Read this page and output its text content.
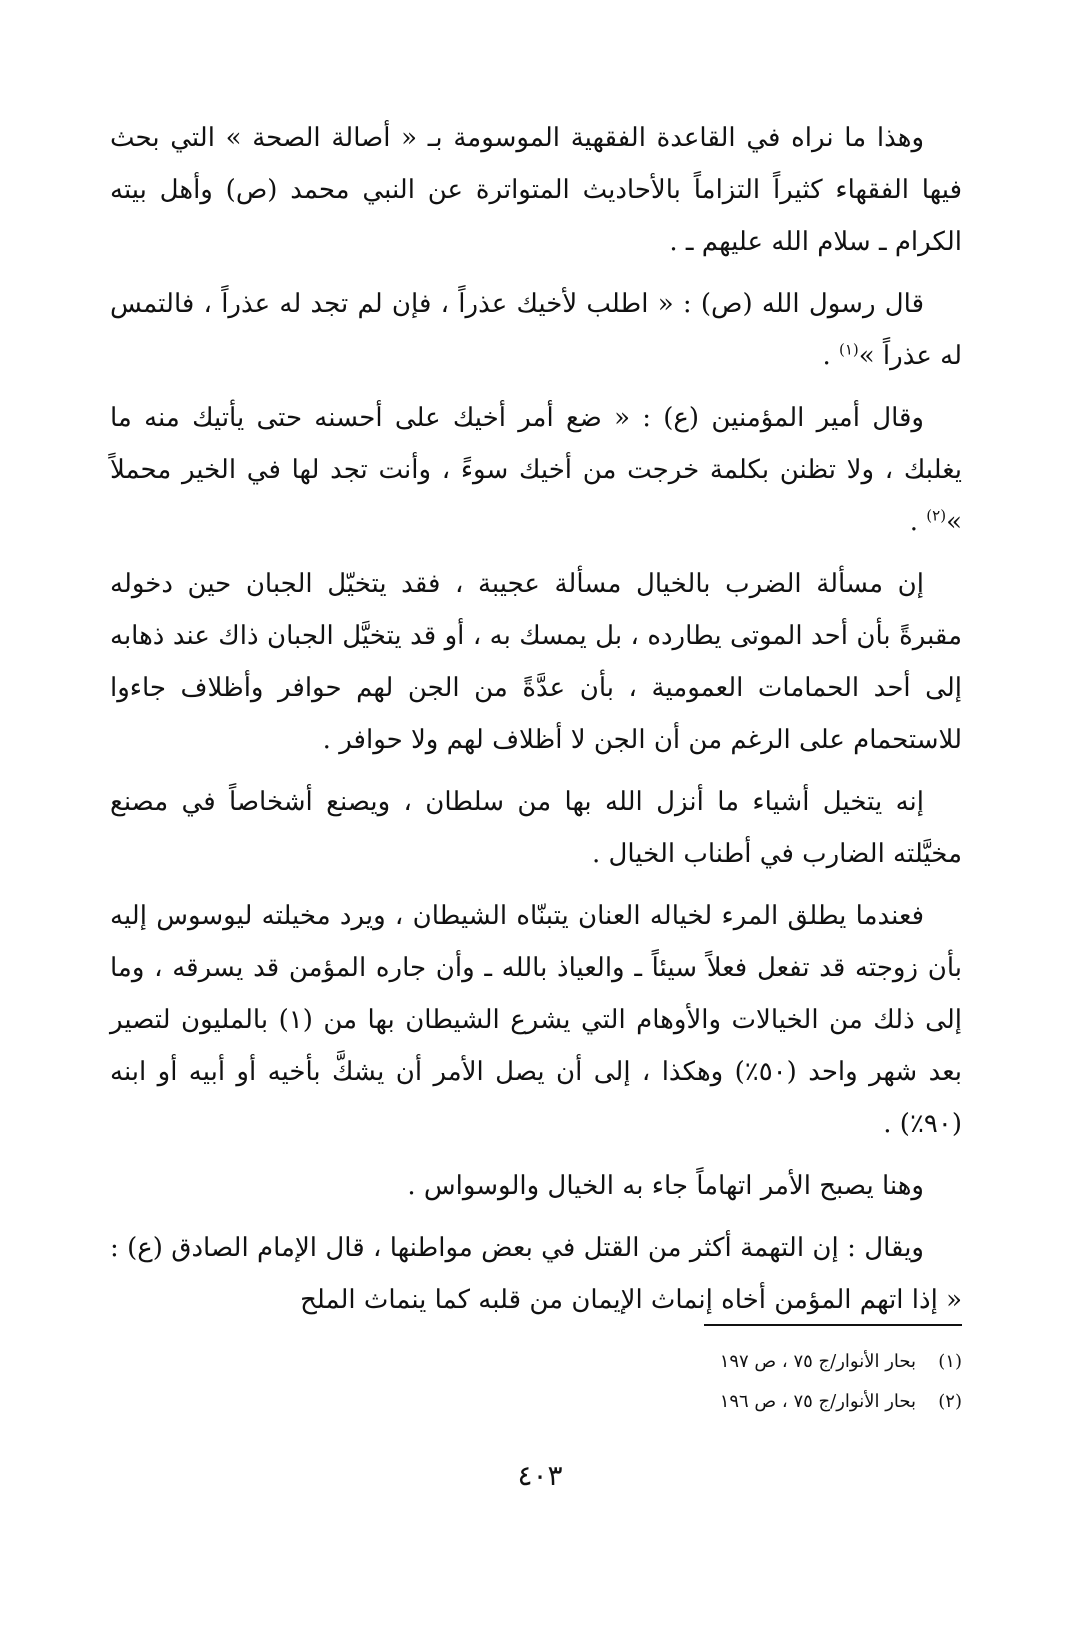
وهذا ما نراه في القاعدة الفقهية الموسومة بـ « أصالة الصحة » التي بحث فيها الفقهاء كثيراً التزاماً بالأحاديث المتواترة عن النبي محمد (ص) وأهل بيته الكرام ـ سلام الله عليهم ـ .

قال رسول الله (ص) : « اطلب لأخيك عذراً ، فإن لم تجد له عذراً ، فالتمس له عذراً »$^{(١)}$ .

وقال أمير المؤمنين (ع) : « ضع أمر أخيك على أحسنه حتى يأتيك منه ما يغلبك ، ولا تظنن بكلمة خرجت من أخيك سوءً ، وأنت تجد لها في الخير محملاً »$^{(٢)}$ .

إن مسألة الضرب بالخيال مسألة عجيبة ، فقد يتخيّل الجبان حين دخوله مقبرةً بأن أحد الموتى يطارده ، بل يمسك به ، أو قد يتخيَّل الجبان ذاك عند ذهابه إلى أحد الحمامات العمومية ، بأن عدَّةً من الجن لهم حوافر وأظلاف جاءوا للاستحمام على الرغم من أن الجن لا أظلاف لهم ولا حوافر .

إنه يتخيل أشياء ما أنزل الله بها من سلطان ، ويصنع أشخاصاً في مصنع مخيَّلته الضارب في أطناب الخيال .

فعندما يطلق المرء لخياله العنان يتبنّاه الشيطان ، ويرد مخيلته ليوسوس إليه بأن زوجته قد تفعل فعلاً سيئاً ـ والعياذ بالله ـ وأن جاره المؤمن قد يسرقه ، وما إلى ذلك من الخيالات والأوهام التي يشرع الشيطان بها من (١) بالمليون لتصير بعد شهر واحد (٥٠٪) وهكذا ، إلى أن يصل الأمر أن يشكَّ بأخيه أو أبيه أو ابنه (٩٠٪) .

وهنا يصبح الأمر اتهاماً جاء به الخيال والوسواس .

ويقال : إن التهمة أكثر من القتل في بعض مواطنها ، قال الإمام الصادق (ع) : « إذا اتهم المؤمن أخاه إنماث الإيمان من قلبه كما ينماث الملح

(١)
بحار الأنوار/ج ٧٥ ، ص ١٩٧
(٢)
بحار الأنوار/ج ٧٥ ، ص ١٩٦
٤٠٣
